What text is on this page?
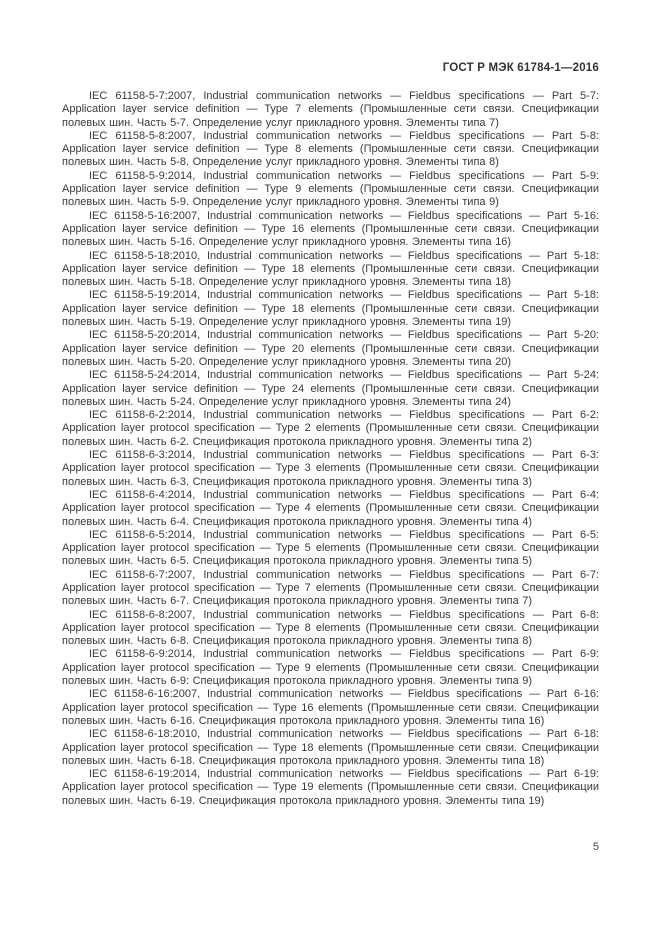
ГОСТ Р МЭК 61784-1—2016

IEC 61158-5-7:2007, Industrial communication networks — Fieldbus specifications — Part 5-7: Application layer service definition — Type 7 elements (Промышленные сети связи. Спецификации полевых шин. Часть 5-7. Определение услуг прикладного уровня. Элементы типа 7)

IEC 61158-5-8:2007, Industrial communication networks — Fieldbus specifications — Part 5-8: Application layer service definition — Type 8 elements (Промышленные сети связи. Спецификации полевых шин. Часть 5-8. Определение услуг прикладного уровня. Элементы типа 8)

IEC 61158-5-9:2014, Industrial communication networks — Fieldbus specifications — Part 5-9: Application layer service definition — Type 9 elements (Промышленные сети связи. Спецификации полевых шин. Часть 5-9. Определение услуг прикладного уровня. Элементы типа 9)

IEC 61158-5-16:2007, Industrial communication networks — Fieldbus specifications — Part 5-16: Application layer service definition — Type 16 elements (Промышленные сети связи. Спецификации полевых шин. Часть 5-16. Определение услуг прикладного уровня. Элементы типа 16)

IEC 61158-5-18:2010, Industrial communication networks — Fieldbus specifications — Part 5-18: Application layer service definition — Type 18 elements (Промышленные сети связи. Спецификации полевых шин. Часть 5-18. Определение услуг прикладного уровня. Элементы типа 18)

IEC 61158-5-19:2014, Industrial communication networks — Fieldbus specifications — Part 5-18: Application layer service definition — Type 18 elements (Промышленные сети связи. Спецификации полевых шин. Часть 5-19. Определение услуг прикладного уровня. Элементы типа 19)

IEC 61158-5-20:2014, Industrial communication networks — Fieldbus specifications — Part 5-20: Application layer service definition — Type 20 elements (Промышленные сети связи. Спецификации полевых шин. Часть 5-20. Определение услуг прикладного уровня. Элементы типа 20)

IEC 61158-5-24:2014, Industrial communication networks — Fieldbus specifications — Part 5-24: Application layer service definition — Type 24 elements (Промышленные сети связи. Спецификации полевых шин. Часть 5-24. Определение услуг прикладного уровня. Элементы типа 24)

IEC 61158-6-2:2014, Industrial communication networks — Fieldbus specifications — Part 6-2: Application layer protocol specification — Type 2 elements (Промышленные сети связи. Спецификации полевых шин. Часть 6-2. Спецификация протокола прикладного уровня. Элементы типа 2)

IEC 61158-6-3:2014, Industrial communication networks — Fieldbus specifications — Part 6-3: Application layer protocol specification — Type 3 elements (Промышленные сети связи. Спецификации полевых шин. Часть 6-3. Спецификация протокола прикладного уровня. Элементы типа 3)

IEC 61158-6-4:2014, Industrial communication networks — Fieldbus specifications — Part 6-4: Application layer protocol specification — Type 4 elements (Промышленные сети связи. Спецификации полевых шин. Часть 6-4. Спецификация протокола прикладного уровня. Элементы типа 4)

IEC 61158-6-5:2014, Industrial communication networks — Fieldbus specifications — Part 6-5: Application layer protocol specification — Type 5 elements (Промышленные сети связи. Спецификации полевых шин. Часть 6-5. Спецификация протокола прикладного уровня. Элементы типа 5)

IEC 61158-6-7:2007, Industrial communication networks — Fieldbus specifications — Part 6-7: Application layer protocol specification — Type 7 elements (Промышленные сети связи. Спецификации полевых шин. Часть 6-7. Спецификация протокола прикладного уровня. Элементы типа 7)

IEC 61158-6-8:2007, Industrial communication networks — Fieldbus specifications — Part 6-8: Application layer protocol specification — Type 8 elements (Промышленные сети связи. Спецификации полевых шин. Часть 6-8. Спецификация протокола прикладного уровня. Элементы типа 8)

IEC 61158-6-9:2014, Industrial communication networks — Fieldbus specifications — Part 6-9: Application layer protocol specification — Type 9 elements (Промышленные сети связи. Спецификации полевых шин. Часть 6-9: Спецификация протокола прикладного уровня. Элементы типа 9)

IEC 61158-6-16:2007, Industrial communication networks — Fieldbus specifications — Part 6-16: Application layer protocol specification — Type 16 elements (Промышленные сети связи. Спецификации полевых шин. Часть 6-16. Спецификация протокола прикладного уровня. Элементы типа 16)

IEC 61158-6-18:2010, Industrial communication networks — Fieldbus specifications — Part 6-18: Application layer protocol specification — Type 18 elements (Промышленные сети связи. Спецификации полевых шин. Часть 6-18. Спецификация протокола прикладного уровня. Элементы типа 18)

IEC 61158-6-19:2014, Industrial communication networks — Fieldbus specifications — Part 6-19: Application layer protocol specification — Type 19 elements (Промышленные сети связи. Спецификации полевых шин. Часть 6-19. Спецификация протокола прикладного уровня. Элементы типа 19)

5
